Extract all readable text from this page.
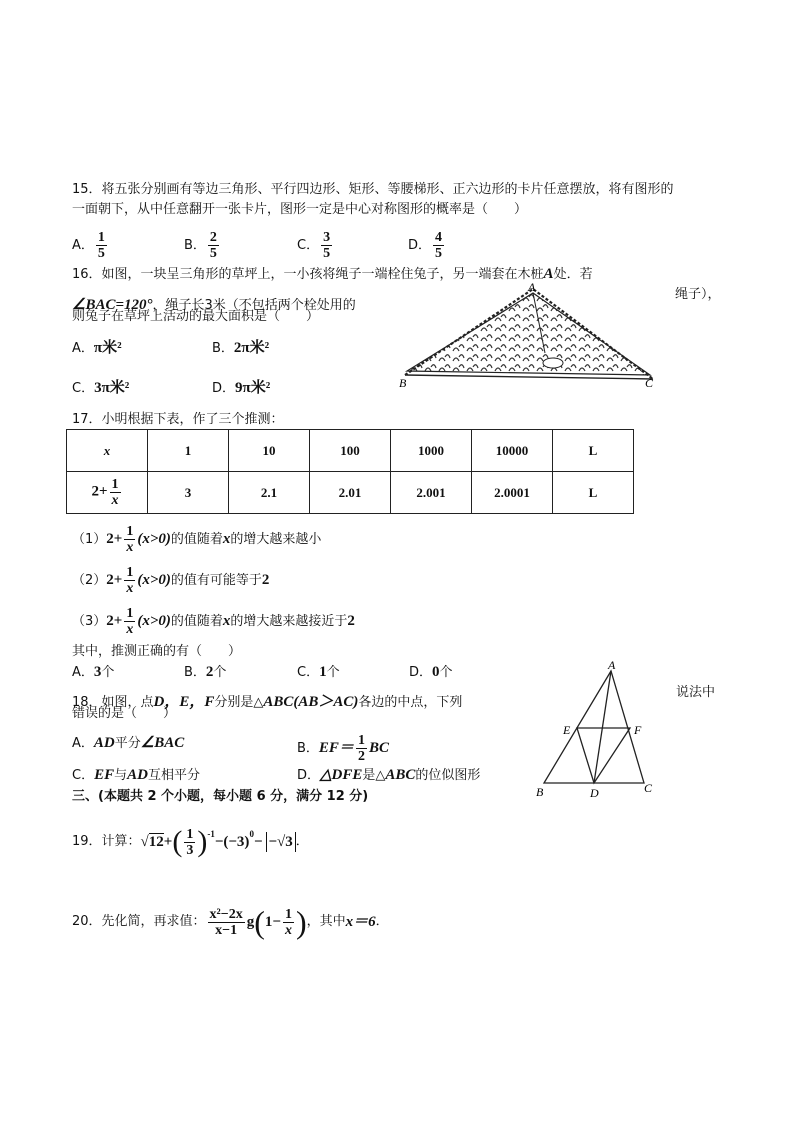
15．将五张分别画有等边三角形、平行四边形、矩形、等腰梯形、正六边形的卡片任意摆放，将有图形的
一面朝下，从中任意翻开一张卡片，图形一定是中心对称图形的概率是（　　）
A． $\frac{1}{5}$	B． $\frac{2}{5}$	C． $\frac{3}{5}$	D． $\frac{4}{5}$
16．如图，一块呈三角形的草坪上，一小孩将绳子一端栓住兔子，另一端套在木桩A处．若
∠BAC=120°，绳子长3米（不包括两个栓处用的
绳子），
则兔子在草坪上活动的最大面积是（　　）
A．π米²	B．2π米²
C．3π米²	D．9π米²
A
B	C
17．小明根据下表，作了三个推测：
x	1	10	100	1000	10000	L
$2+ \frac{1}{x}$	3	2.1	2.01	2.001	2.0001	L
$(1)2+ \frac{1}{x} (x>0)$的值随着x的增大越来越小
$(2)2+ \frac{1}{x} (x>0)$的值有可能等于2
$(3)2+ \frac{1}{x} (x>0)$的值随着x的增大越来越接近于2
其中，推测正确的有（　　）
A．3个	B．2个	C．1个	D．0个
18．如图，点D，E，F分别是△ABC(AB＞AC)各边的中点，下列
说法中
错误的是（　　）
A．AD平分∠BAC	B．$EF= \frac{1}{2}$ BC
C．EF与AD互相平分	D．△DFE是△ABC的位似图形
A
B	C
D
E	F
三、(本题共 2 个小题，每小题 6 分，满分 12 分)
19．计算： √12 + ( $\frac{1}{3} )^{-1} -(-3)^0 - -√3$ ．
20．先化简，再求值： $\frac{\text{x²−2x}}{x-1}$ g ( $1- \frac{1}{x}$ ) ，其中 x＝6 ．
